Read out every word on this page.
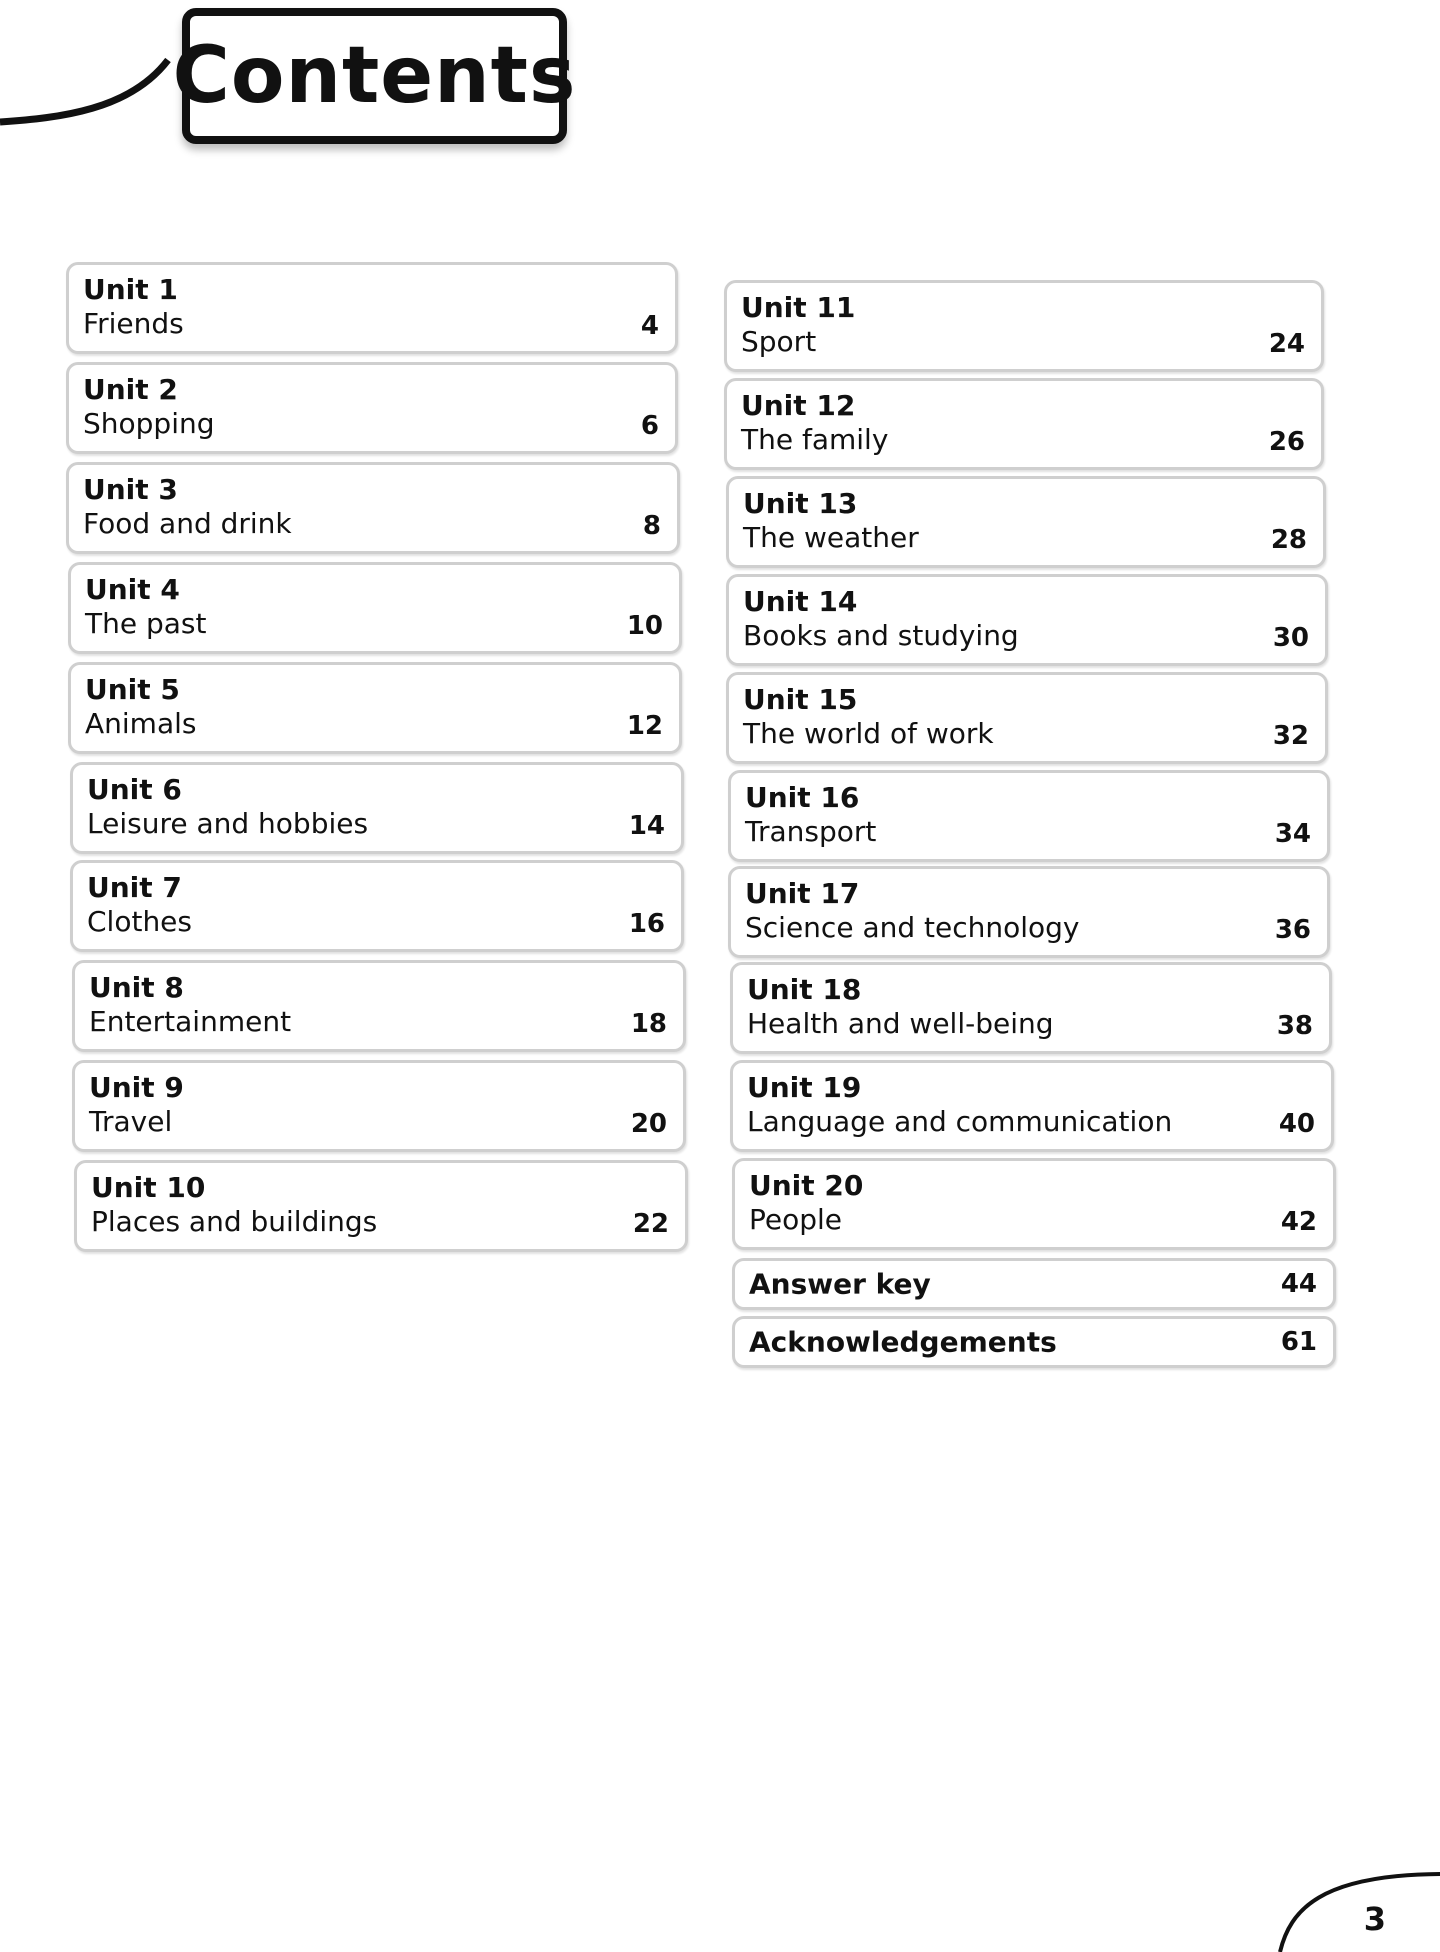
Contents
Unit 1
Friends	4
Unit 2
Shopping	6
Unit 3
Food and drink	8
Unit 4
The past	10
Unit 5
Animals	12
Unit 6
Leisure and hobbies	14
Unit 7
Clothes	16
Unit 8
Entertainment	18
Unit 9
Travel	20
Unit 10
Places and buildings	22
Unit 11
Sport	24
Unit 12
The family	26
Unit 13
The weather	28
Unit 14
Books and studying	30
Unit 15
The world of work	32
Unit 16
Transport	34
Unit 17
Science and technology	36
Unit 18
Health and well-being	38
Unit 19
Language and communication	40
Unit 20
People	42
Answer key	44
Acknowledgements	61
3
